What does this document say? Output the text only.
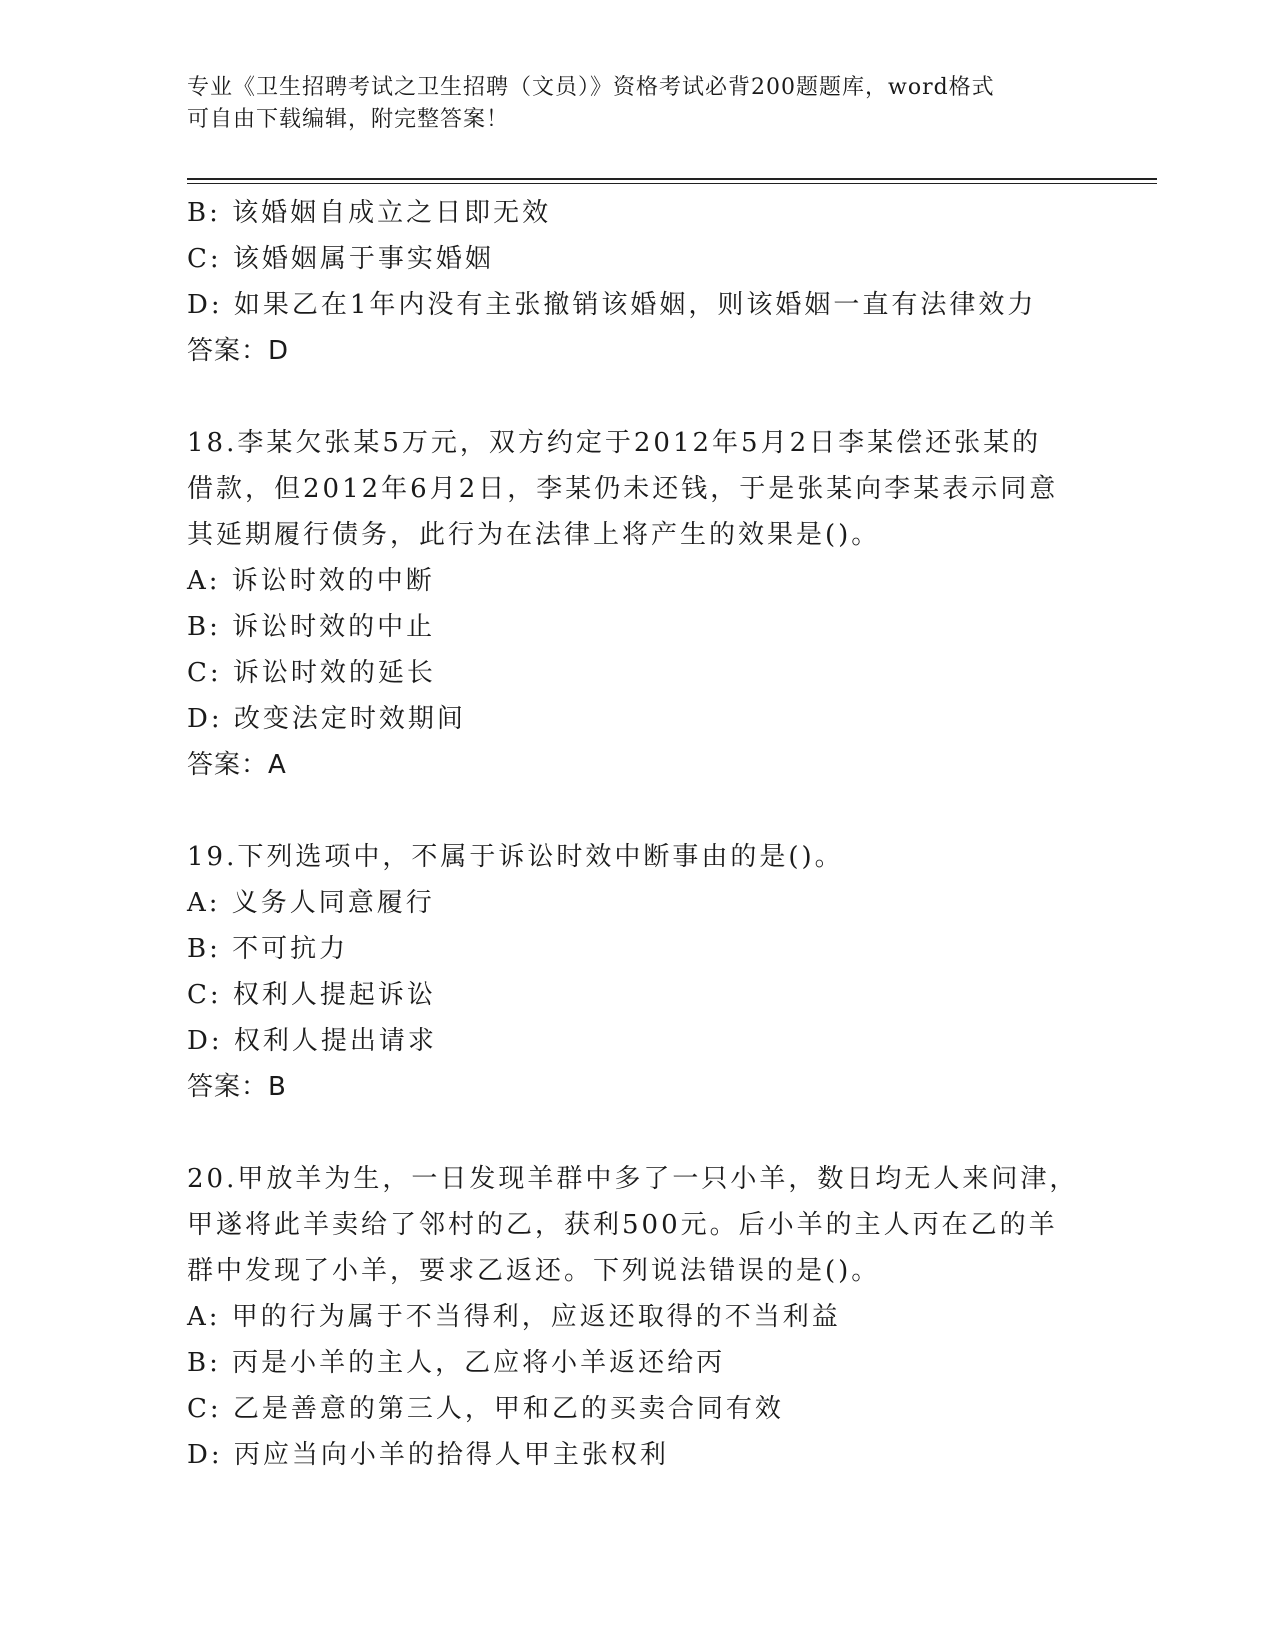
专业《卫生招聘考试之卫生招聘（文员）》资格考试必背200题题库，word格式
可自由下载编辑，附完整答案！
B: 该婚姻自成立之日即无效
C: 该婚姻属于事实婚姻
D: 如果乙在1年内没有主张撤销该婚姻，则该婚姻一直有法律效力
答案：D
18.李某欠张某5万元，双方约定于2012年5月2日李某偿还张某的
借款，但2012年6月2日，李某仍未还钱，于是张某向李某表示同意
其延期履行债务，此行为在法律上将产生的效果是()。
A: 诉讼时效的中断
B: 诉讼时效的中止
C: 诉讼时效的延长
D: 改变法定时效期间
答案：A
19.下列选项中，不属于诉讼时效中断事由的是()。
A: 义务人同意履行
B: 不可抗力
C: 权利人提起诉讼
D: 权利人提出请求
答案：B
20.甲放羊为生，一日发现羊群中多了一只小羊，数日均无人来问津，
甲遂将此羊卖给了邻村的乙，获利500元。后小羊的主人丙在乙的羊
群中发现了小羊，要求乙返还。下列说法错误的是()。
A: 甲的行为属于不当得利，应返还取得的不当利益
B: 丙是小羊的主人，乙应将小羊返还给丙
C: 乙是善意的第三人，甲和乙的买卖合同有效
D: 丙应当向小羊的拾得人甲主张权利
